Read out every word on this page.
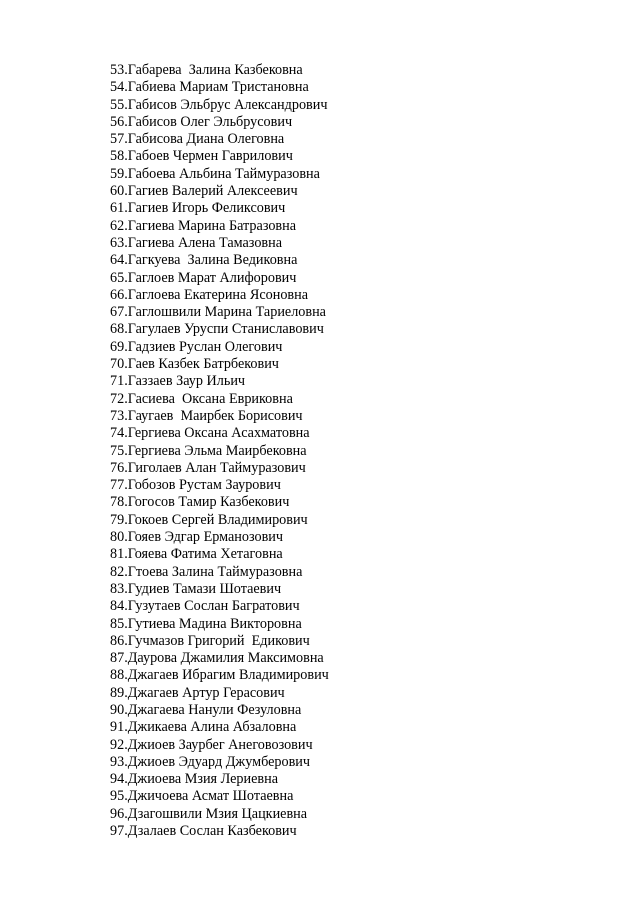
53.Габарева  Залина Казбековна
54.Габиева Мариам Тристановна
55.Габисов Эльбрус Александрович
56.Габисов Олег Эльбрусович
57.Габисова Диана Олеговна
58.Габоев Чермен Гаврилович
59.Габоева Альбина Таймуразовна
60.Гагиев Валерий Алексеевич
61.Гагиев Игорь Феликсович
62.Гагиева Марина Батразовна
63.Гагиева Алена Тамазовна
64.Гагкуева  Залина Ведиковна
65.Гаглоев Марат Алифорович
66.Гаглоева Екатерина Ясоновна
67.Гаглошвили Марина Тариеловна
68.Гагулаев Уруспи Станиславович
69.Гадзиев Руслан Олегович
70.Гаев Казбек Батрбекович
71.Газзаев Заур Ильич
72.Гасиева  Оксана Евриковна
73.Гаугаев  Маирбек Борисович
74.Гергиева Оксана Асахматовна
75.Гергиева Эльма Маирбековна
76.Гиголаев Алан Таймуразович
77.Гобозов Рустам Заурович
78.Гогосов Тамир Казбекович
79.Гокоев Сергей Владимирович
80.Гояев Эдгар Ерманозович
81.Гояева Фатима Хетаговна
82.Гтоева Залина Таймуразовна
83.Гудиев Тамази Шотаевич
84.Гузутаев Сослан Багратович
85.Гутиева Мадина Викторовна
86.Гучмазов Григорий  Едикович
87.Даурова Джамилия Максимовна
88.Джагаев Ибрагим Владимирович
89.Джагаев Артур Герасович
90.Джагаева Нанули Фезуловна
91.Джикаева Алина Абзаловна
92.Джиоев Заурбег Анеговозович
93.Джиоев Эдуард Джумберович
94.Джиоева Мзия Лериевна
95.Джичоева Асмат Шотаевна
96.Дзагошвили Мзия Цацкиевна
97.Дзалаев Сослан Казбекович
